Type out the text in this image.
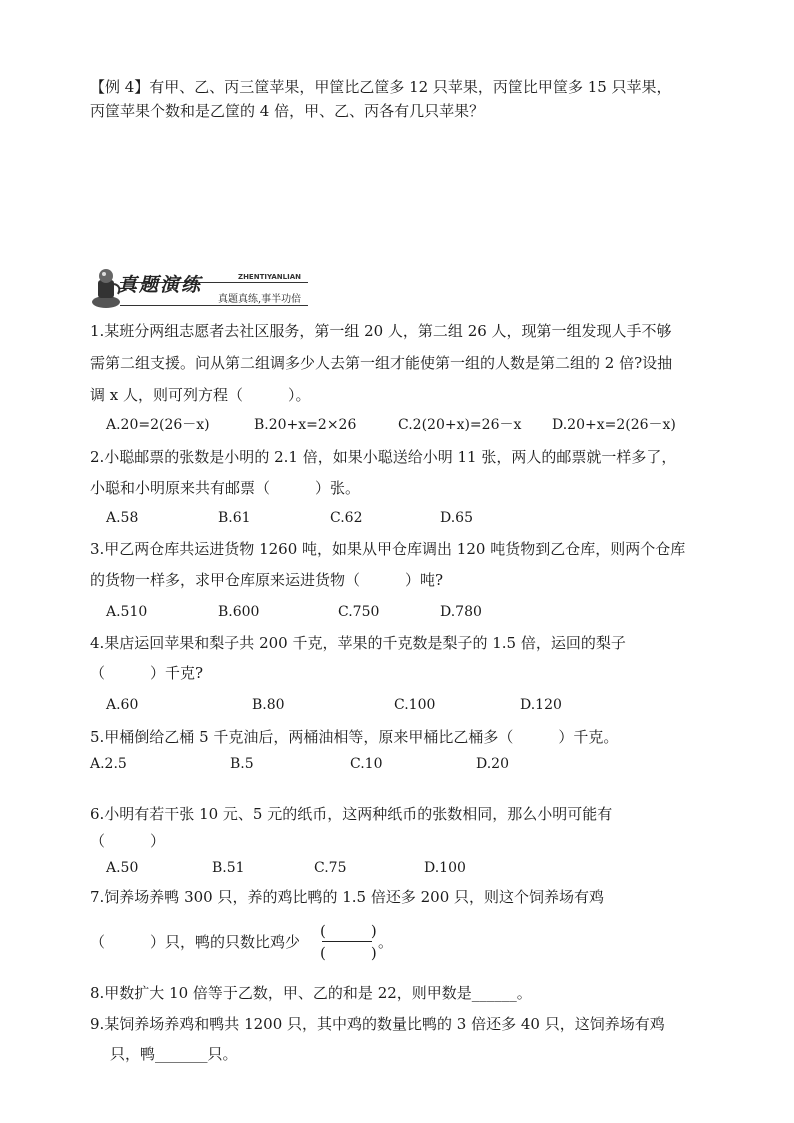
【例 4】有甲、乙、丙三筐苹果，甲筐比乙筐多 12 只苹果，丙筐比甲筐多 15 只苹果，
丙筐苹果个数和是乙筐的 4 倍，甲、乙、丙各有几只苹果？
真题演练	ZHENTIYANLIAN
真题真练,事半功倍
1.某班分两组志愿者去社区服务，第一组 20 人，第二组 26 人，现第一组发现人手不够
需第二组支援。问从第二组调多少人去第一组才能使第一组的人数是第二组的 2 倍?设抽
调 x 人，则可列方程（　　　）。
A.20=2(26－x)	B.20+x=2×26	C.2(20+x)=26－x D.20+x=2(26－x)
2.小聪邮票的张数是小明的 2.1 倍，如果小聪送给小明 11 张，两人的邮票就一样多了，
小聪和小明原来共有邮票（　　　）张。
A.58	B.61	C.62	D.65
3.甲乙两仓库共运进货物 1260 吨，如果从甲仓库调出 120 吨货物到乙仓库，则两个仓库
的货物一样多，求甲仓库原来运进货物（　　　）吨?
A.510	B.600	C.750	D.780
4.果店运回苹果和梨子共 200 千克，苹果的千克数是梨子的 1.5 倍，运回的梨子
（　　　）千克?
A.60	B.80	C.100	D.120
5.甲桶倒给乙桶 5 千克油后，两桶油相等，原来甲桶比乙桶多（　　　）千克。
A.2.5	B.5	C.10	D.20
6.小明有若干张 10 元、5 元的纸币，这两种纸币的张数相同，那么小明可能有
（　　　）
A.50	B.51	C.75	D.100
7.饲养场养鸭 300 只，养的鸡比鸭的 1.5 倍还多 200 只，则这个饲养场有鸡
（　　　）只，鸭的只数比鸡少
(　　　)
(　　　)
。
8.甲数扩大 10 倍等于乙数，甲、乙的和是 22，则甲数是______。
9.某饲养场养鸡和鸭共 1200 只，其中鸡的数量比鸭的 3 倍还多 40 只，这饲养场有鸡
只，鸭_______只。
